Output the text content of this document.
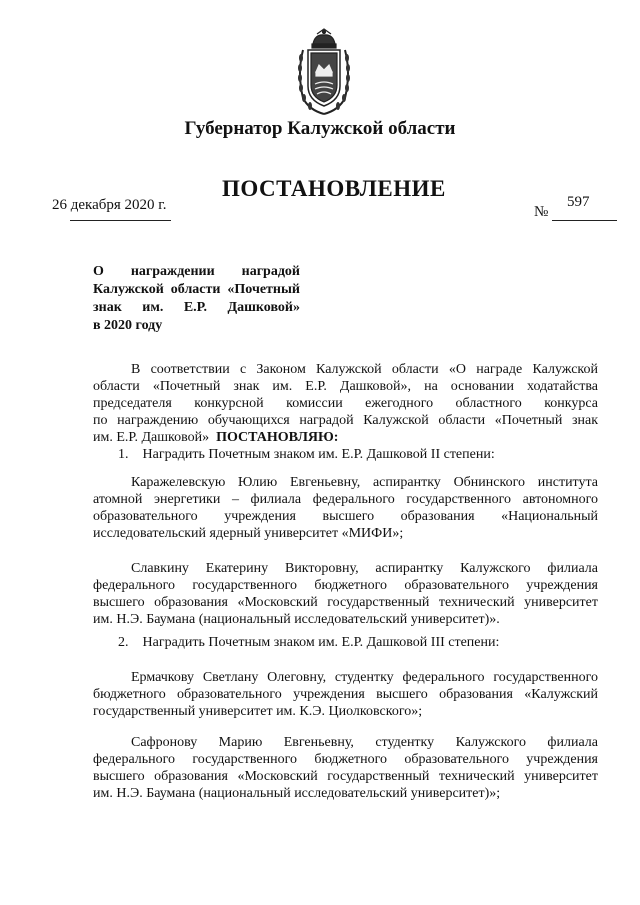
Губернатор Калужской области
ПОСТАНОВЛЕНИЕ
26 декабря 2020 г.	№
597
О награждении наградой
Калужской области «Почетный
знак им. Е.Р. Дашковой»
в 2020 году
В соответствии с Законом Калужской области «О награде Калужской
области «Почетный знак им. Е.Р. Дашковой», на основании ходатайства
председателя конкурсной комиссии ежегодного областного конкурса
по награждению обучающихся наградой Калужской области «Почетный знак
им. Е.Р. Дашковой» ПОСТАНОВЛЯЮ:
1. Наградить Почетным знаком им. Е.Р. Дашковой II степени:
Каражелевскую Юлию Евгеньевну, аспирантку Обнинского института
атомной энергетики – филиала федерального государственного автономного
образовательного учреждения высшего образования «Национальный
исследовательский ядерный университет «МИФИ»;
Славкину Екатерину Викторовну, аспирантку Калужского филиала
федерального государственного бюджетного образовательного учреждения
высшего образования «Московский государственный технический университет
им. Н.Э. Баумана (национальный исследовательский университет)».
2. Наградить Почетным знаком им. Е.Р. Дашковой III степени:
Ермачкову Светлану Олеговну, студентку федерального государственного
бюджетного образовательного учреждения высшего образования «Калужский
государственный университет им. К.Э. Циолковского»;
Сафронову Марию Евгеньевну, студентку Калужского филиала
федерального государственного бюджетного образовательного учреждения
высшего образования «Московский государственный технический университет
им. Н.Э. Баумана (национальный исследовательский университет)»;
